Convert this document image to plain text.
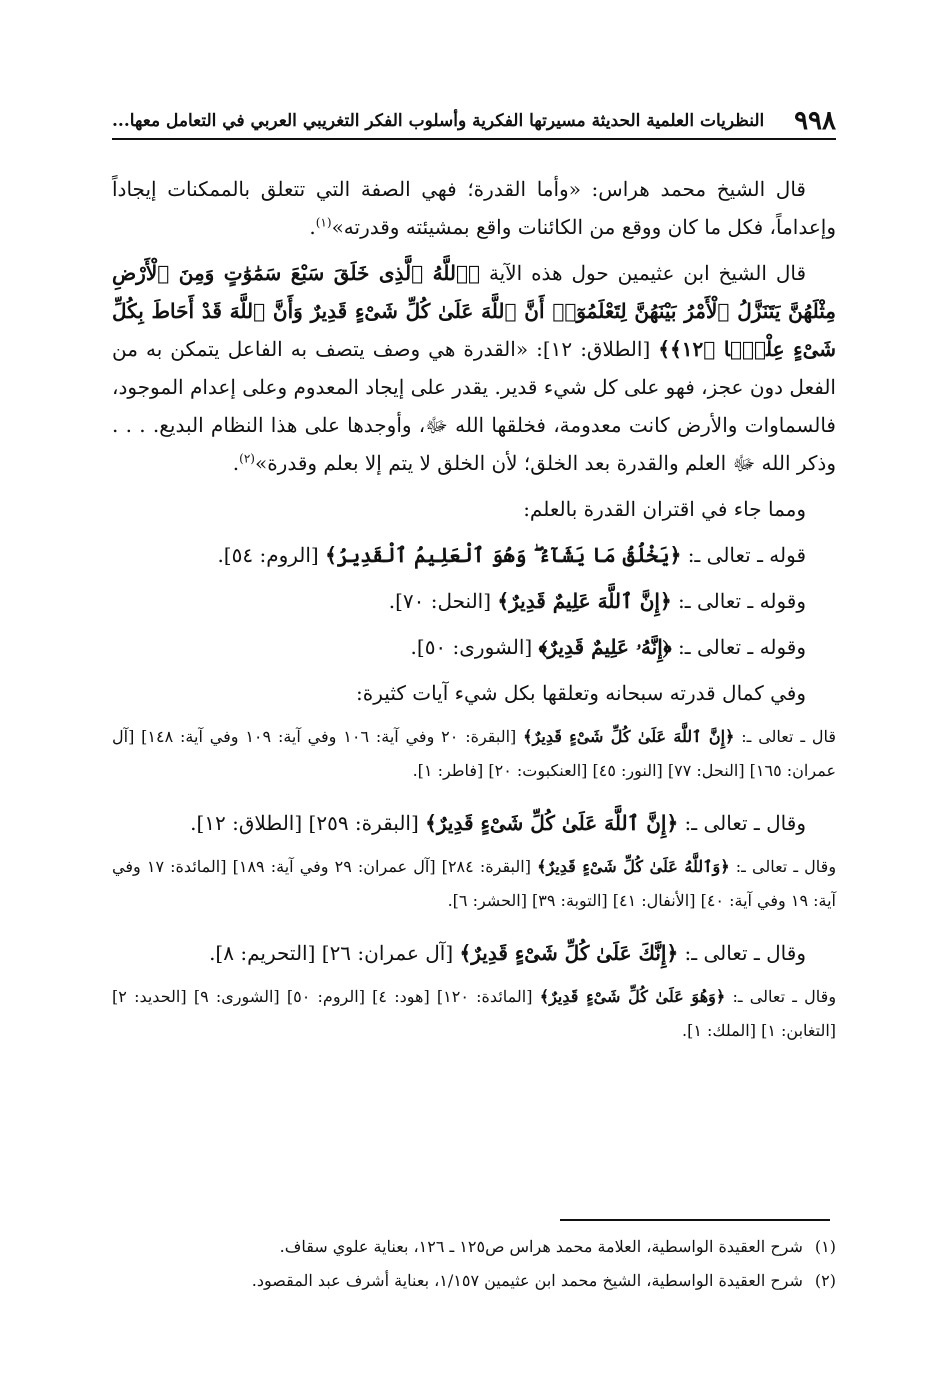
٩٩٨
النظريات العلمية الحديثة مسيرتها الفكرية وأسلوب الفكر التغريبي العربي في التعامل معها...

قال الشيخ محمد هراس: «وأما القدرة؛ فهي الصفة التي تتعلق بالممكنات إيجاداً وإعداماً، فكل ما كان ووقع من الكائنات واقع بمشيئته وقدرته»$^{(١)}$.

قال الشيخ ابن عثيمين حول هذه الآية ﴿ٱللَّهُ ٱلَّذِى خَلَقَ سَبْعَ سَمَٰوَٰتٍ وَمِنَ ٱلْأَرْضِ مِثْلَهُنَّ يَتَنَزَّلُ ٱلْأَمْرُ بَيْنَهُنَّ لِتَعْلَمُوٓا۟ أَنَّ ٱللَّهَ عَلَىٰ كُلِّ شَىْءٍ قَدِيرٌ وَأَنَّ ٱللَّهَ قَدْ أَحَاطَ بِكُلِّ شَىْءٍ عِلْمًۢا ﴿١٢﴾﴾ [الطلاق: ١٢]: «القدرة هي وصف يتصف به الفاعل يتمكن به من الفعل دون عجز، فهو على كل شيء قدير. يقدر على إيجاد المعدوم وعلى إعدام الموجود، فالسماوات والأرض كانت معدومة، فخلقها الله ﷻ، وأوجدها على هذا النظام البديع. . . . وذكر الله ﷻ العلم والقدرة بعد الخلق؛ لأن الخلق لا يتم إلا بعلم وقدرة»$^{(٢)}$.

ومما جاء في اقتران القدرة بالعلم:

قوله ـ تعالى ـ: ﴿يَخْلُقُ مَا يَشَآءُ ۖ وَهُوَ ٱلْعَلِيمُ ٱلْقَدِيرُ﴾ [الروم: ٥٤].

وقوله ـ تعالى ـ: ﴿إِنَّ ٱللَّهَ عَلِيمٌ قَدِيرٌ﴾ [النحل: ٧٠].

وقوله ـ تعالى ـ: ﴿إِنَّهُۥ عَلِيمٌ قَدِيرٌ﴾ [الشورى: ٥٠].

وفي كمال قدرته سبحانه وتعلقها بكل شيء آيات كثيرة:

قال ـ تعالى ـ: ﴿إِنَّ ٱللَّهَ عَلَىٰ كُلِّ شَىْءٍ قَدِيرٌ﴾ [البقرة: ٢٠ وفي آية: ١٠٦ وفي آية: ١٠٩ وفي آية: ١٤٨] [آل عمران: ١٦٥] [النحل: ٧٧] [النور: ٤٥] [العنكبوت: ٢٠] [فاطر: ١].

وقال ـ تعالى ـ: ﴿إِنَّ ٱللَّهَ عَلَىٰ كُلِّ شَىْءٍ قَدِيرٌ﴾ [البقرة: ٢٥٩] [الطلاق: ١٢].

وقال ـ تعالى ـ: ﴿وَٱللَّهُ عَلَىٰ كُلِّ شَىْءٍ قَدِيرٌ﴾ [البقرة: ٢٨٤] [آل عمران: ٢٩ وفي آية: ١٨٩] [المائدة: ١٧ وفي آية: ١٩ وفي آية: ٤٠] [الأنفال: ٤١] [التوبة: ٣٩] [الحشر: ٦].

وقال ـ تعالى ـ: ﴿إِنَّكَ عَلَىٰ كُلِّ شَىْءٍ قَدِيرٌ﴾ [آل عمران: ٢٦] [التحريم: ٨].

وقال ـ تعالى ـ: ﴿وَهُوَ عَلَىٰ كُلِّ شَىْءٍ قَدِيرٌ﴾ [المائدة: ١٢٠] [هود: ٤] [الروم: ٥٠] [الشورى: ٩] [الحديد: ٢] [التغابن: ١] [الملك: ١].

(١)
شرح العقيدة الواسطية، العلامة محمد هراس ص١٢٥ ـ ١٢٦، بعناية علوي سقاف.
(٢)
شرح العقيدة الواسطية، الشيخ محمد ابن عثيمين ١/١٥٧، بعناية أشرف عبد المقصود.
